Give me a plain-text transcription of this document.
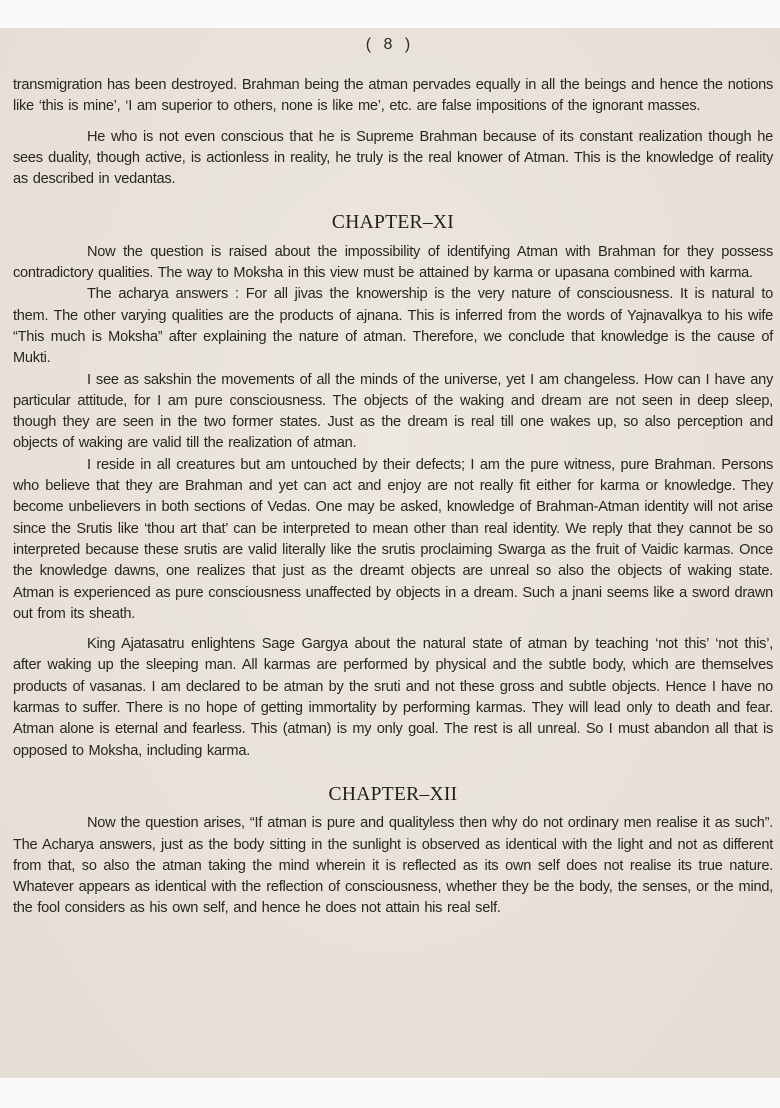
( 8 )

transmigration has been destroyed. Brahman being the atman pervades equally in all the beings and hence the notions like ‘this is mine’, ‘I am superior to others, none is like me’, etc. are false impositions of the ignorant masses.

He who is not even conscious that he is Supreme Brahman because of its constant realization though he sees duality, though active, is actionless in reality, he truly is the real knower of Atman. This is the knowledge of reality as described in vedantas.

CHAPTER–XI

Now the question is raised about the impossibility of identifying Atman with Brahman for they possess contradictory qualities. The way to Moksha in this view must be attained by karma or upasana combined with karma.

The acharya answers : For all jivas the knowership is the very nature of consciousness. It is natural to them. The other varying qualities are the products of ajnana. This is inferred from the words of Yajnavalkya to his wife “This much is Moksha” after explaining the nature of atman. Therefore, we conclude that knowledge is the cause of Mukti.

I see as sakshin the movements of all the minds of the universe, yet I am changeless. How can I have any particular attitude, for I am pure consciousness. The objects of the waking and dream are not seen in deep sleep, though they are seen in the two former states. Just as the dream is real till one wakes up, so also perception and objects of waking are valid till the realization of atman.

I reside in all creatures but am untouched by their defects; I am the pure witness, pure Brahman. Persons who believe that they are Brahman and yet can act and enjoy are not really fit either for karma or knowledge. They become unbelievers in both sections of Vedas. One may be asked, knowledge of Brahman-Atman identity will not arise since the Srutis like ‘thou art that’ can be interpreted to mean other than real identity. We reply that they cannot be so interpreted because these srutis are valid literally like the srutis proclaiming Swarga as the fruit of Vaidic karmas. Once the knowledge dawns, one realizes that just as the dreamt objects are unreal so also the objects of waking state. Atman is experienced as pure consciousness unaffected by objects in a dream. Such a jnani seems like a sword drawn out from its sheath.

King Ajatasatru enlightens Sage Gargya about the natural state of atman by teaching ‘not this’ ‘not this’, after waking up the sleeping man. All karmas are performed by physical and the subtle body, which are themselves products of vasanas. I am declared to be atman by the sruti and not these gross and subtle objects. Hence I have no karmas to suffer. There is no hope of getting immortality by performing karmas. They will lead only to death and fear. Atman alone is eternal and fearless. This (atman) is my only goal. The rest is all unreal. So I must abandon all that is opposed to Moksha, including karma.

CHAPTER–XII

Now the question arises, “If atman is pure and qualityless then why do not ordinary men realise it as such”. The Acharya answers, just as the body sitting in the sunlight is observed as identical with the light and not as different from that, so also the atman taking the mind wherein it is reflected as its own self does not realise its true nature. Whatever appears as identical with the reflection of consciousness, whether they be the body, the senses, or the mind, the fool considers as his own self, and hence he does not attain his real self.
